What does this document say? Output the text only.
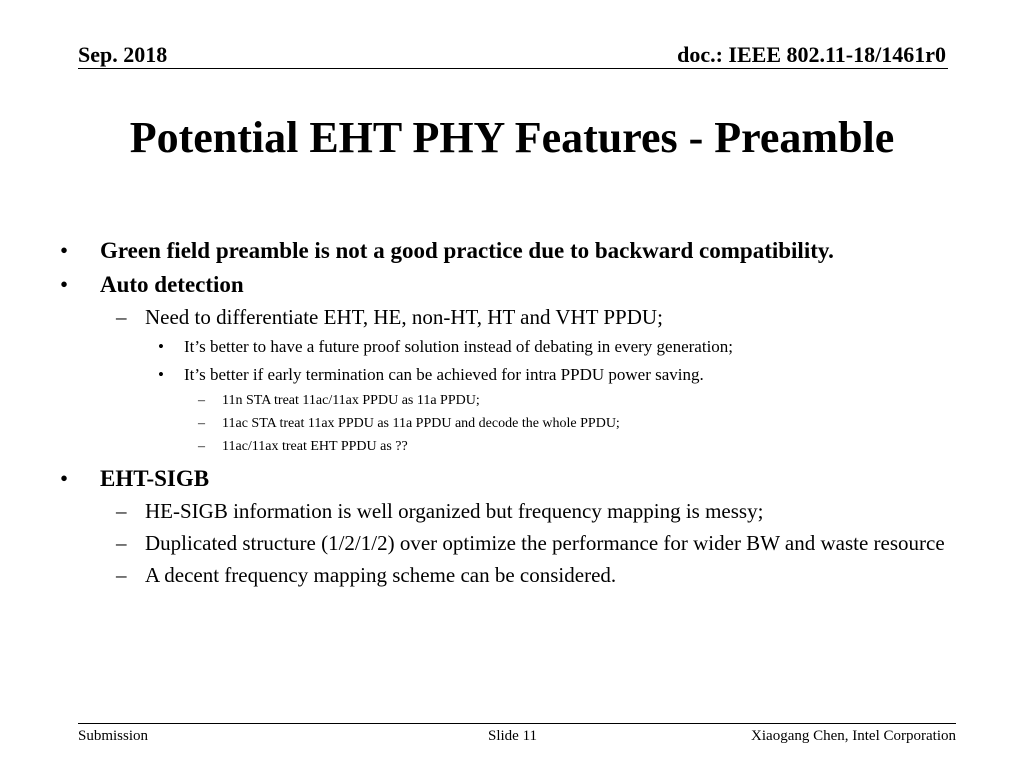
Sep. 2018	doc.: IEEE 802.11-18/1461r0
Potential EHT PHY Features - Preamble
• Green field preamble is not a good practice due to backward compatibility.
• Auto detection
– Need to differentiate EHT, HE, non-HT, HT and VHT PPDU;
• It’s better to have a future proof solution instead of debating in every generation;
• It’s better if early termination can be achieved for intra PPDU power saving.
– 11n STA treat 11ac/11ax PPDU as 11a PPDU;
– 11ac STA treat 11ax PPDU as 11a PPDU and decode the whole PPDU;
– 11ac/11ax treat EHT PPDU as ??
• EHT-SIGB
– HE-SIGB information is well organized but frequency mapping is messy;
– Duplicated structure (1/2/1/2) over optimize the performance for wider BW and waste resource
– A decent frequency mapping scheme can be considered.
Submission	Slide 11	Xiaogang Chen, Intel Corporation
